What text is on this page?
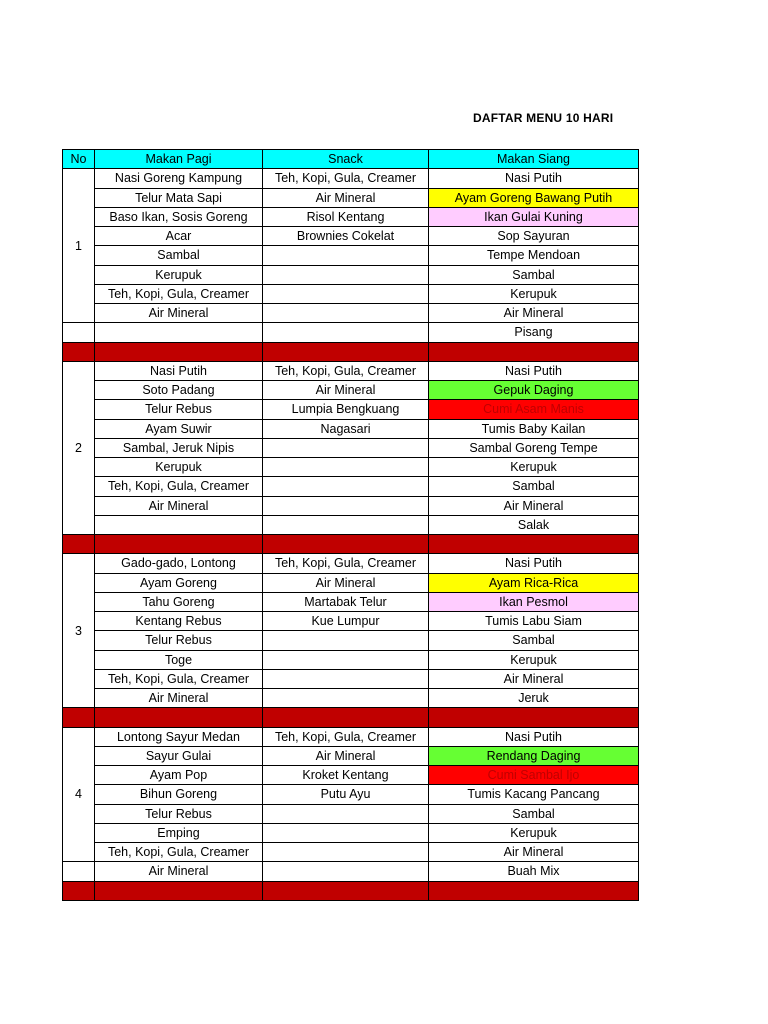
DAFTAR MENU 10 HARI
No	Makan Pagi	Snack	Makan Siang
1	Nasi Goreng Kampung	Teh, Kopi, Gula, Creamer	Nasi Putih
	Telur Mata Sapi	Air Mineral	Ayam Goreng Bawang Putih
	Baso Ikan, Sosis Goreng	Risol Kentang	Ikan Gulai Kuning
	Acar	Brownies Cokelat	Sop Sayuran
	Sambal		Tempe Mendoan
	Kerupuk		Sambal
	Teh, Kopi, Gula, Creamer		Kerupuk
	Air Mineral		Air Mineral
			Pisang

2	Nasi Putih	Teh, Kopi, Gula, Creamer	Nasi Putih
	Soto Padang	Air Mineral	Gepuk Daging
	Telur Rebus	Lumpia Bengkuang	Cumi Asam Manis
	Ayam Suwir	Nagasari	Tumis Baby Kailan
	Sambal, Jeruk Nipis		Sambal Goreng Tempe
	Kerupuk		Kerupuk
	Teh, Kopi, Gula, Creamer		Sambal
	Air Mineral		Air Mineral
			Salak

3	Gado-gado, Lontong	Teh, Kopi, Gula, Creamer	Nasi Putih
	Ayam Goreng	Air Mineral	Ayam Rica-Rica
	Tahu Goreng	Martabak Telur	Ikan Pesmol
	Kentang Rebus	Kue Lumpur	Tumis Labu Siam
	Telur Rebus		Sambal
	Toge		Kerupuk
	Teh, Kopi, Gula, Creamer		Air Mineral
	Air Mineral		Jeruk

4	Lontong Sayur Medan	Teh, Kopi, Gula, Creamer	Nasi Putih
	Sayur Gulai	Air Mineral	Rendang Daging
	Ayam Pop	Kroket Kentang	Cumi Sambal Ijo
	Bihun Goreng	Putu Ayu	Tumis Kacang Pancang
	Telur Rebus		Sambal
	Emping		Kerupuk
	Teh, Kopi, Gula, Creamer		Air Mineral
	Air Mineral		Buah Mix
